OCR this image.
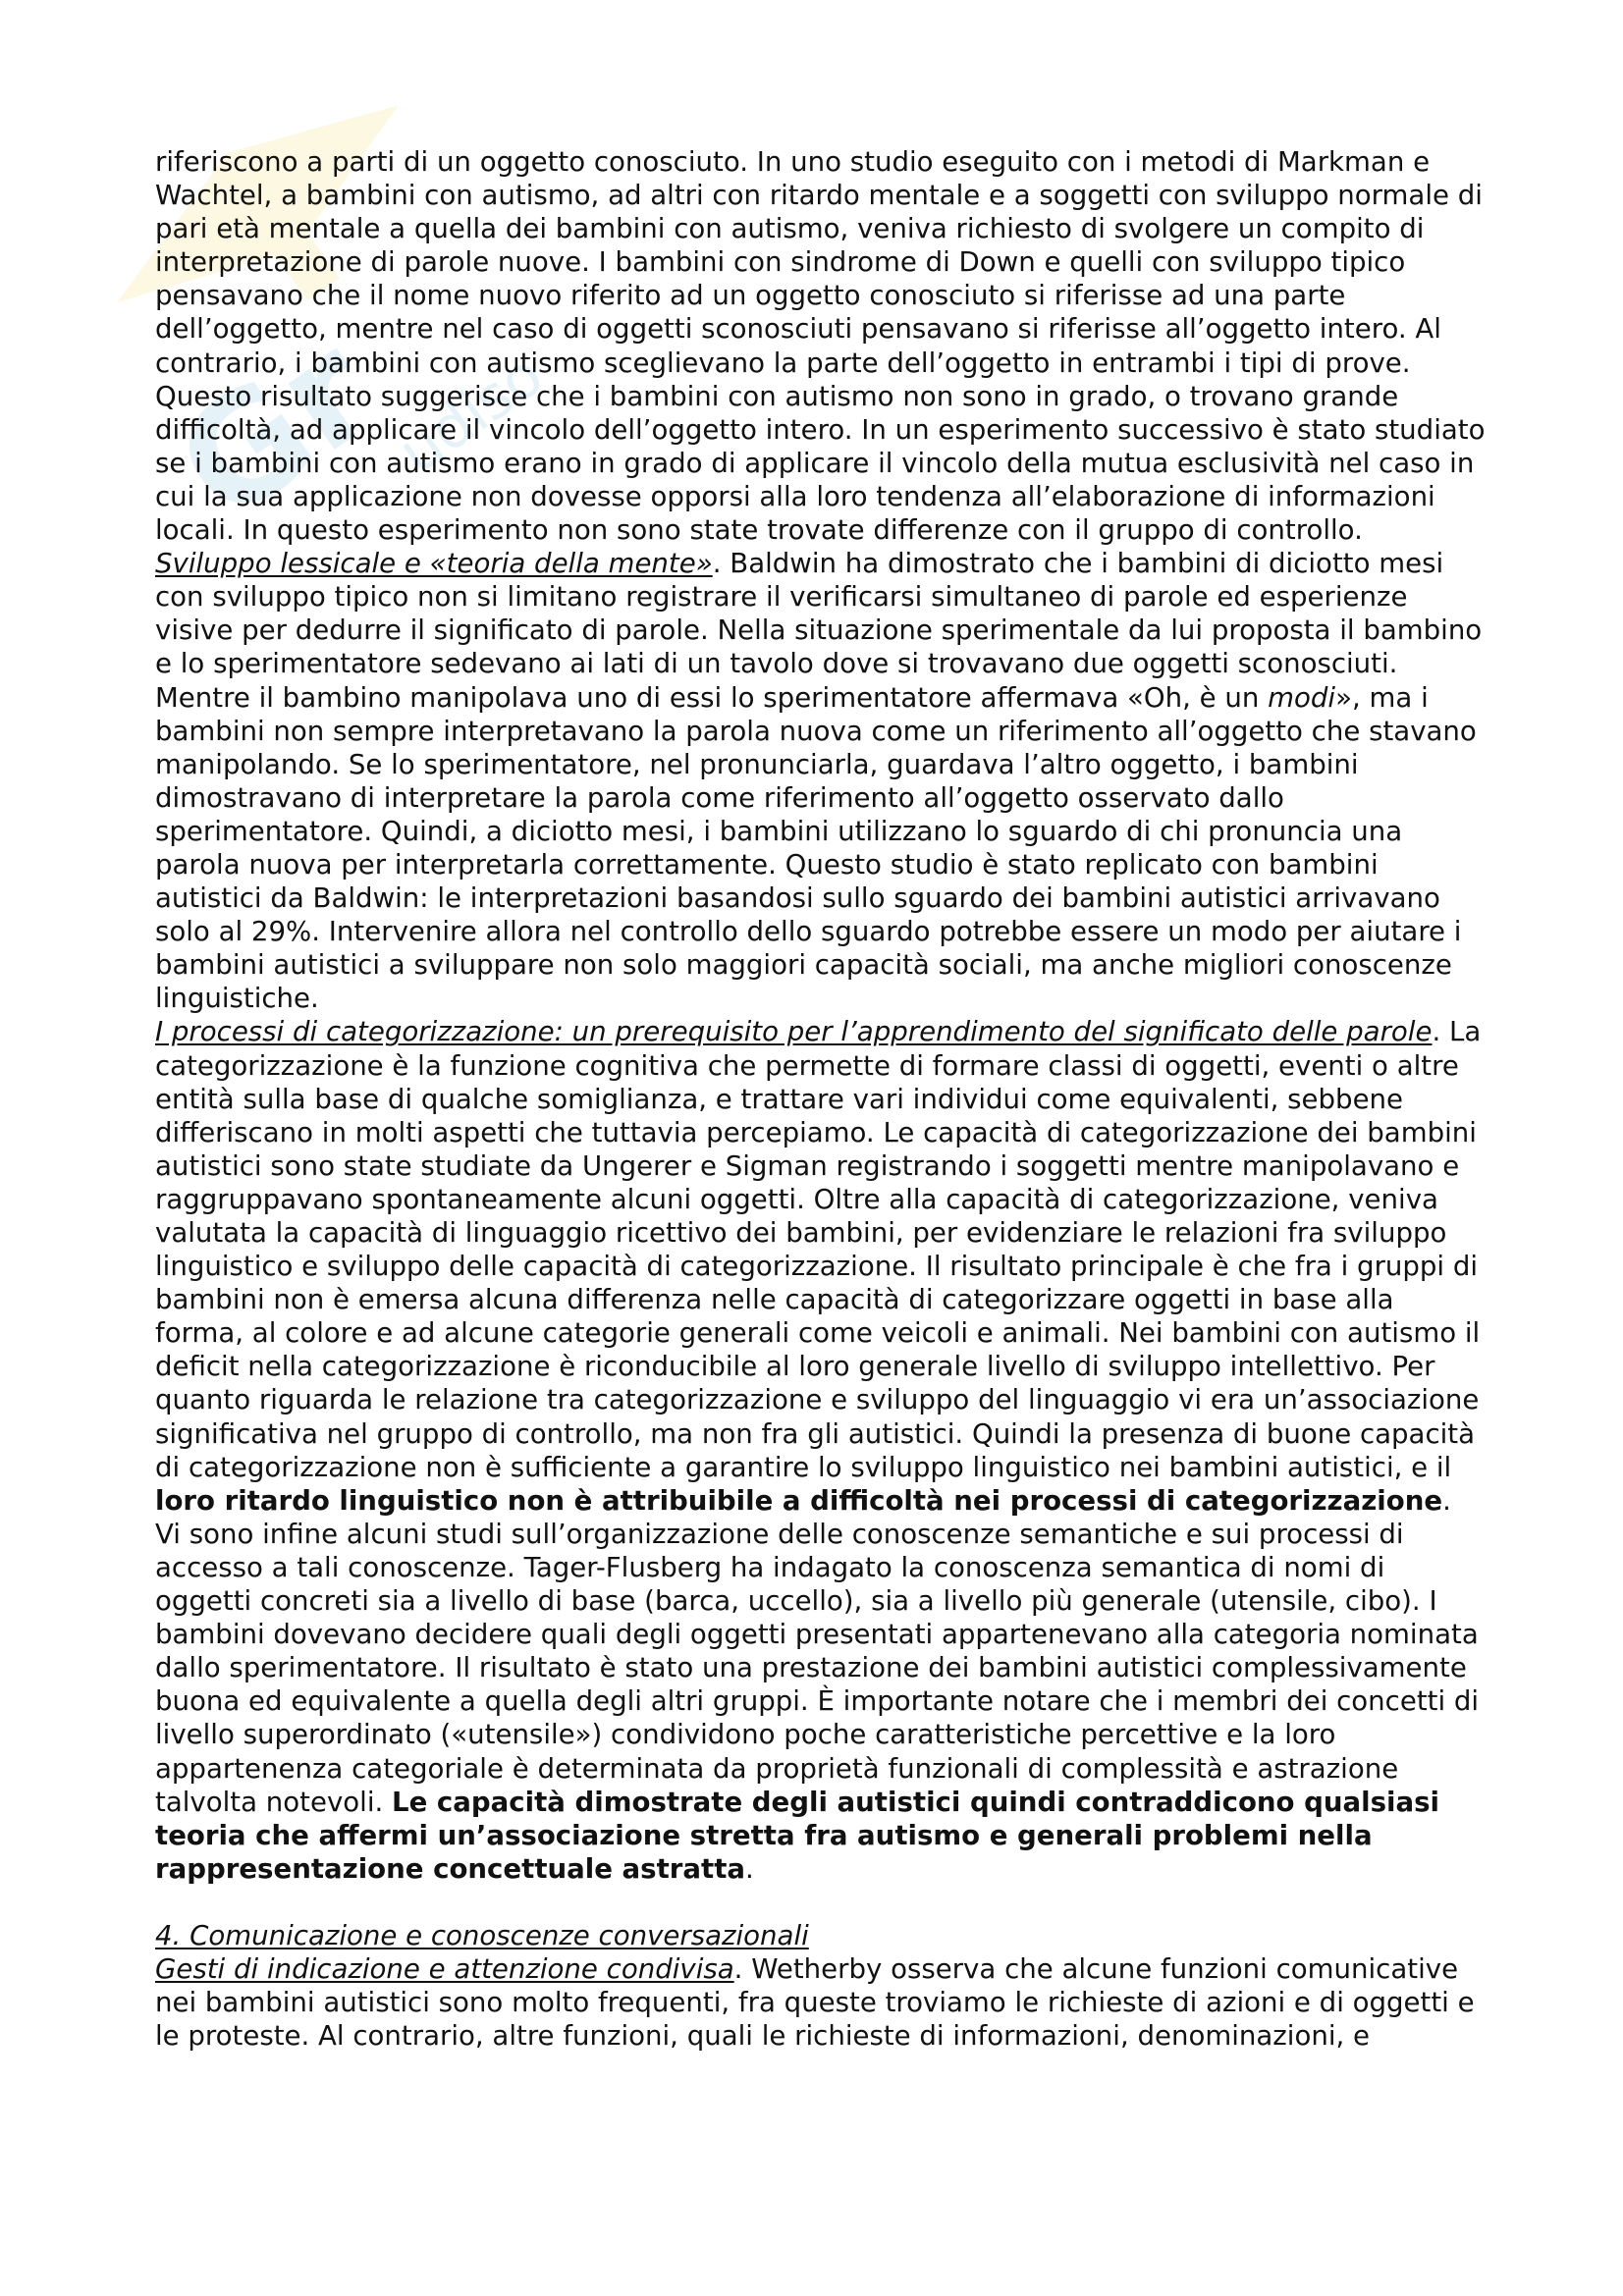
Gr
udiso

riferiscono a parti di un oggetto conosciuto. In uno studio eseguito con i metodi di Markman e Wachtel, a bambini con autismo, ad altri con ritardo mentale e a soggetti con sviluppo normale di pari età mentale a quella dei bambini con autismo, veniva richiesto di svolgere un compito di interpretazione di parole nuove. I bambini con sindrome di Down e quelli con sviluppo tipico pensavano che il nome nuovo riferito ad un oggetto conosciuto si riferisse ad una parte dell’oggetto, mentre nel caso di oggetti sconosciuti pensavano si riferisse all’oggetto intero. Al contrario, i bambini con autismo sceglievano la parte dell’oggetto in entrambi i tipi di prove. Questo risultato suggerisce che i bambini con autismo non sono in grado, o trovano grande difficoltà, ad applicare il vincolo dell’oggetto intero. In un esperimento successivo è stato studiato se i bambini con autismo erano in grado di applicare il vincolo della mutua esclusività nel caso in cui la sua applicazione non dovesse opporsi alla loro tendenza all’elaborazione di informazioni locali. In questo esperimento non sono state trovate differenze con il gruppo di controllo.

Sviluppo lessicale e «teoria della mente». Baldwin ha dimostrato che i bambini di diciotto mesi con sviluppo tipico non si limitano registrare il verificarsi simultaneo di parole ed esperienze visive per dedurre il significato di parole. Nella situazione sperimentale da lui proposta il bambino e lo sperimentatore sedevano ai lati di un tavolo dove si trovavano due oggetti sconosciuti. Mentre il bambino manipolava uno di essi lo sperimentatore affermava «Oh, è un modi», ma i bambini non sempre interpretavano la parola nuova come un riferimento all’oggetto che stavano manipolando. Se lo sperimentatore, nel pronunciarla, guardava l’altro oggetto, i bambini dimostravano di interpretare la parola come riferimento all’oggetto osservato dallo sperimentatore. Quindi, a diciotto mesi, i bambini utilizzano lo sguardo di chi pronuncia una parola nuova per interpretarla correttamente. Questo studio è stato replicato con bambini autistici da Baldwin: le interpretazioni basandosi sullo sguardo dei bambini autistici arrivavano solo al 29%. Intervenire allora nel controllo dello sguardo potrebbe essere un modo per aiutare i bambini autistici a sviluppare non solo maggiori capacità sociali, ma anche migliori conoscenze linguistiche.

I processi di categorizzazione: un prerequisito per l’apprendimento del significato delle parole. La categorizzazione è la funzione cognitiva che permette di formare classi di oggetti, eventi o altre entità sulla base di qualche somiglianza, e trattare vari individui come equivalenti, sebbene differiscano in molti aspetti che tuttavia percepiamo. Le capacità di categorizzazione dei bambini autistici sono state studiate da Ungerer e Sigman registrando i soggetti mentre manipolavano e raggruppavano spontaneamente alcuni oggetti. Oltre alla capacità di categorizzazione, veniva valutata la capacità di linguaggio ricettivo dei bambini, per evidenziare le relazioni fra sviluppo linguistico e sviluppo delle capacità di categorizzazione. Il risultato principale è che fra i gruppi di bambini non è emersa alcuna differenza nelle capacità di categorizzare oggetti in base alla forma, al colore e ad alcune categorie generali come veicoli e animali. Nei bambini con autismo il deficit nella categorizzazione è riconducibile al loro generale livello di sviluppo intellettivo. Per quanto riguarda le relazione tra categorizzazione e sviluppo del linguaggio vi era un’associazione significativa nel gruppo di controllo, ma non fra gli autistici. Quindi la presenza di buone capacità di categorizzazione non è sufficiente a garantire lo sviluppo linguistico nei bambini autistici, e il loro ritardo linguistico non è attribuibile a difficoltà nei processi di categorizzazione.

Vi sono infine alcuni studi sull’organizzazione delle conoscenze semantiche e sui processi di accesso a tali conoscenze. Tager-Flusberg ha indagato la conoscenza semantica di nomi di oggetti concreti sia a livello di base (barca, uccello), sia a livello più generale (utensile, cibo). I bambini dovevano decidere quali degli oggetti presentati appartenevano alla categoria nominata dallo sperimentatore. Il risultato è stato una prestazione dei bambini autistici complessivamente buona ed equivalente a quella degli altri gruppi. È importante notare che i membri dei concetti di livello superordinato («utensile») condividono poche caratteristiche percettive e la loro appartenenza categoriale è determinata da proprietà funzionali di complessità e astrazione talvolta notevoli. Le capacità dimostrate degli autistici quindi contraddicono qualsiasi teoria che affermi un’associazione stretta fra autismo e generali problemi nella rappresentazione concettuale astratta.

4. Comunicazione e conoscenze conversazionali

Gesti di indicazione e attenzione condivisa. Wetherby osserva che alcune funzioni comunicative nei bambini autistici sono molto frequenti, fra queste troviamo le richieste di azioni e di oggetti e le proteste. Al contrario, altre funzioni, quali le richieste di informazioni, denominazioni, e
